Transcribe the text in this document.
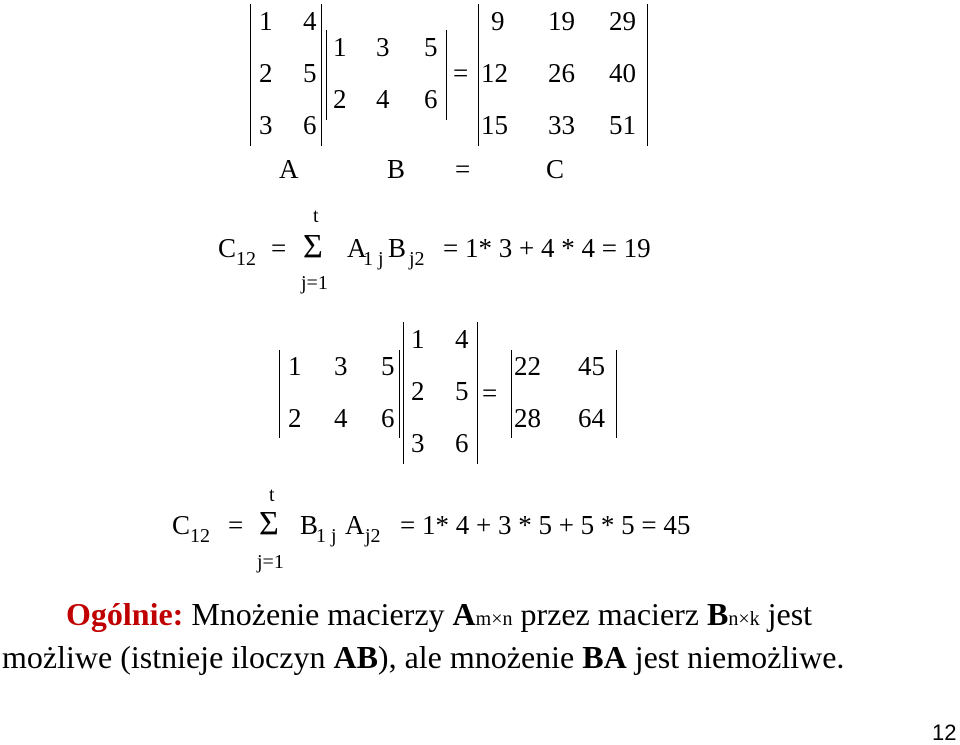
1 4
2 5
3 6
1 3 5
2 4 6
=
9 19 29
12 26 40
15 33 51
A	B =	C
C 12 =
t
Σ
j=1
A
1 j B j2 = 1* 3 + 4 * 4 = 19
1 3 5
2 4 6
1 4
2 5
3 6
=
22 45
28 64
C 12 =
t
Σ
j=1
B
1 j A j2 = 1* 4 + 3 * 5 + 5 * 5 = 45
Ogólnie: Mnożenie macierzy Am×n przez macierz Bn×k jest
możliwe (istnieje iloczyn AB), ale mnożenie BA jest niemożliwe.
12
